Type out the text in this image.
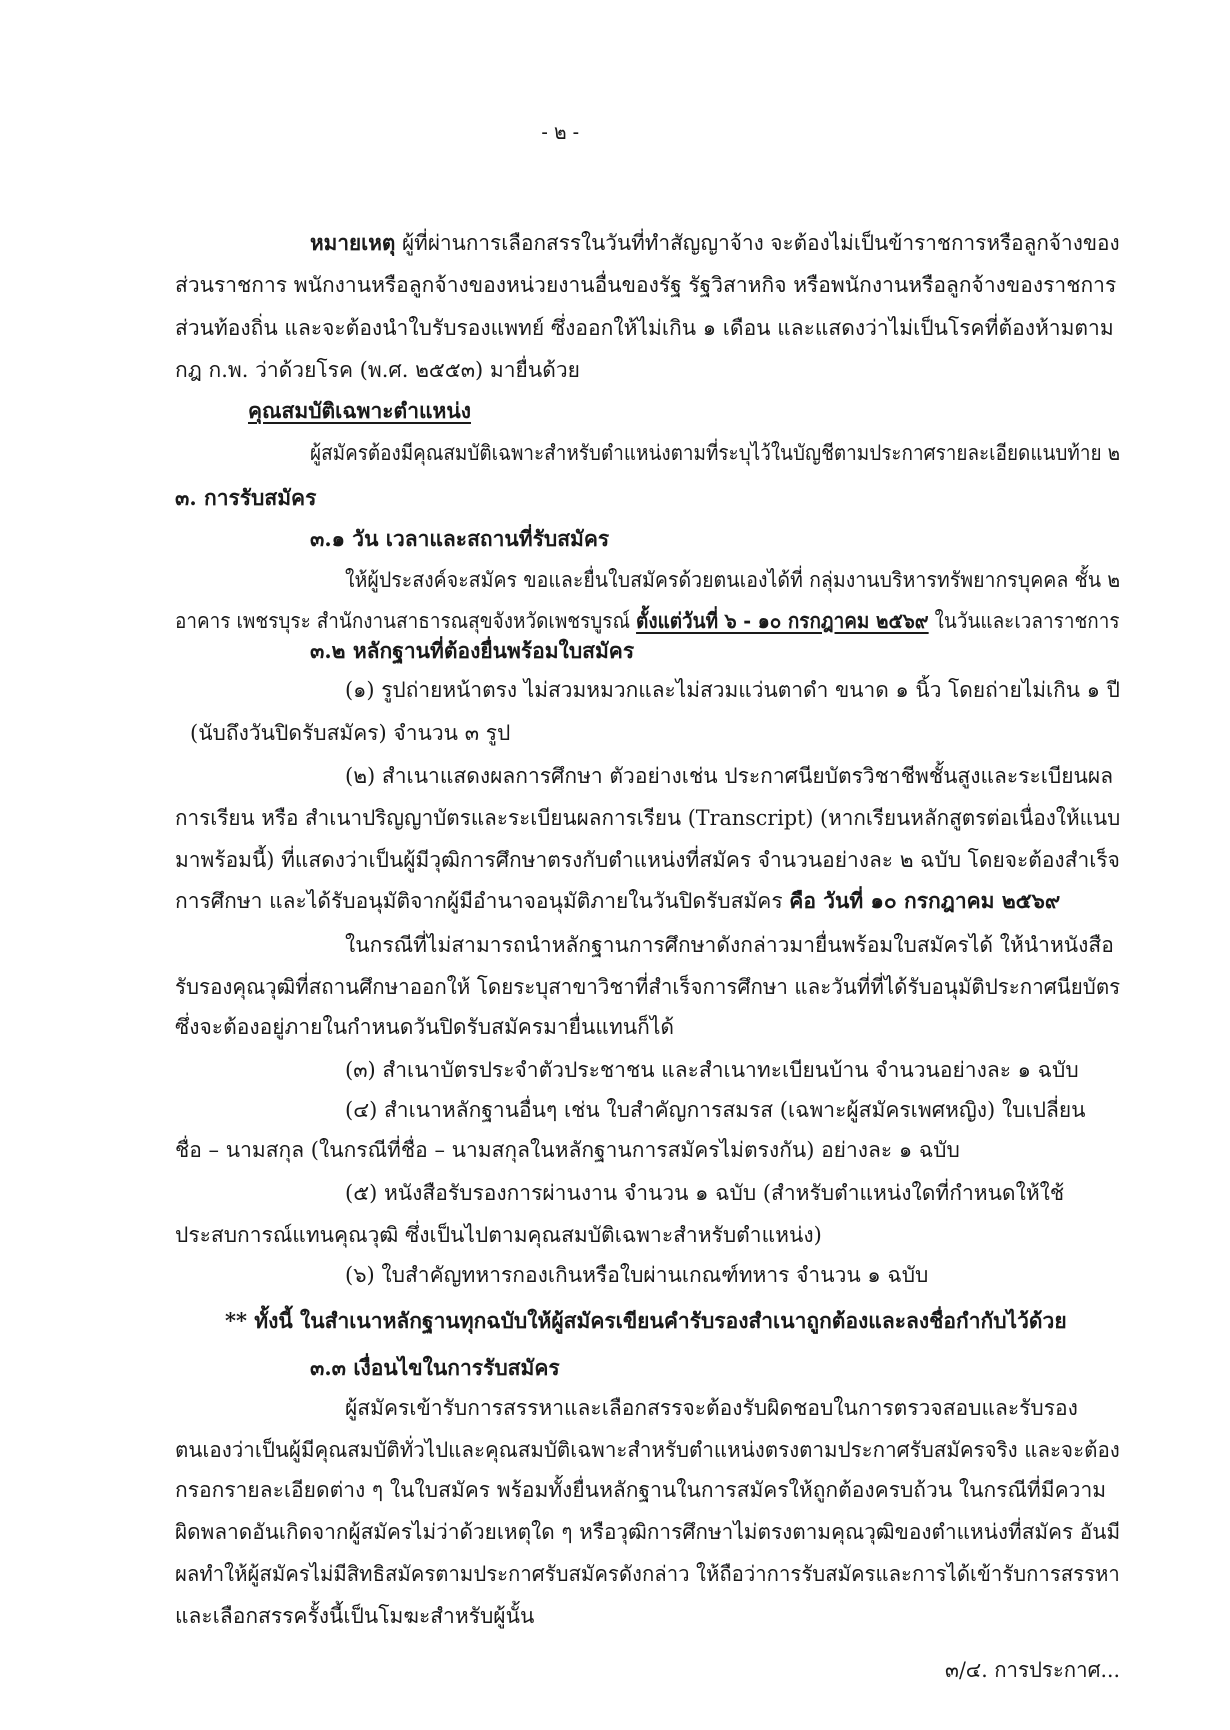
- ๒ -
หมายเหตุ ผู้ที่ผ่านการเลือกสรรในวันที่ทำสัญญาจ้าง จะต้องไม่เป็นข้าราชการหรือลูกจ้างของ
ส่วนราชการ พนักงานหรือลูกจ้างของหน่วยงานอื่นของรัฐ รัฐวิสาหกิจ หรือพนักงานหรือลูกจ้างของราชการ
ส่วนท้องถิ่น และจะต้องนำใบรับรองแพทย์ ซึ่งออกให้ไม่เกิน ๑ เดือน และแสดงว่าไม่เป็นโรคที่ต้องห้ามตาม
กฎ ก.พ. ว่าด้วยโรค (พ.ศ. ๒๕๕๓) มายื่นด้วย
คุณสมบัติเฉพาะตำแหน่ง
ผู้สมัครต้องมีคุณสมบัติเฉพาะสำหรับตำแหน่งตามที่ระบุไว้ในบัญชีตามประกาศรายละเอียดแนบท้าย ๒
๓. การรับสมัคร
๓.๑ วัน เวลาและสถานที่รับสมัคร
ให้ผู้ประสงค์จะสมัคร ขอและยื่นใบสมัครด้วยตนเองได้ที่ กลุ่มงานบริหารทรัพยากรบุคคล ชั้น ๒
อาคาร เพชรบุระ สำนักงานสาธารณสุขจังหวัดเพชรบูรณ์ ตั้งแต่วันที่ ๖ - ๑๐ กรกฎาคม ๒๕๖๙ ในวันและเวลาราชการ
๓.๒ หลักฐานที่ต้องยื่นพร้อมใบสมัคร
(๑) รูปถ่ายหน้าตรง ไม่สวมหมวกและไม่สวมแว่นตาดำ ขนาด ๑ นิ้ว โดยถ่ายไม่เกิน ๑ ปี
(นับถึงวันปิดรับสมัคร) จำนวน ๓ รูป
(๒) สำเนาแสดงผลการศึกษา ตัวอย่างเช่น ประกาศนียบัตรวิชาชีพชั้นสูงและระเบียนผล
การเรียน หรือ สำเนาปริญญาบัตรและระเบียนผลการเรียน (Transcript) (หากเรียนหลักสูตรต่อเนื่องให้แนบ
มาพร้อมนี้) ที่แสดงว่าเป็นผู้มีวุฒิการศึกษาตรงกับตำแหน่งที่สมัคร จำนวนอย่างละ ๒ ฉบับ โดยจะต้องสำเร็จ
การศึกษา และได้รับอนุมัติจากผู้มีอำนาจอนุมัติภายในวันปิดรับสมัคร คือ วันที่ ๑๐ กรกฎาคม ๒๕๖๙
ในกรณีที่ไม่สามารถนำหลักฐานการศึกษาดังกล่าวมายื่นพร้อมใบสมัครได้ ให้นำหนังสือ
รับรองคุณวุฒิที่สถานศึกษาออกให้ โดยระบุสาขาวิชาที่สำเร็จการศึกษา และวันที่ที่ได้รับอนุมัติประกาศนียบัตร
ซึ่งจะต้องอยู่ภายในกำหนดวันปิดรับสมัครมายื่นแทนก็ได้
(๓) สำเนาบัตรประจำตัวประชาชน และสำเนาทะเบียนบ้าน จำนวนอย่างละ ๑ ฉบับ
(๔) สำเนาหลักฐานอื่นๆ เช่น ใบสำคัญการสมรส (เฉพาะผู้สมัครเพศหญิง) ใบเปลี่ยน
ชื่อ – นามสกุล (ในกรณีที่ชื่อ – นามสกุลในหลักฐานการสมัครไม่ตรงกัน) อย่างละ ๑ ฉบับ
(๕) หนังสือรับรองการผ่านงาน จำนวน ๑ ฉบับ (สำหรับตำแหน่งใดที่กำหนดให้ใช้
ประสบการณ์แทนคุณวุฒิ ซึ่งเป็นไปตามคุณสมบัติเฉพาะสำหรับตำแหน่ง)
(๖) ใบสำคัญทหารกองเกินหรือใบผ่านเกณฑ์ทหาร จำนวน ๑ ฉบับ
** ทั้งนี้ ในสำเนาหลักฐานทุกฉบับให้ผู้สมัครเขียนคำรับรองสำเนาถูกต้องและลงชื่อกำกับไว้ด้วย
๓.๓ เงื่อนไขในการรับสมัคร
ผู้สมัครเข้ารับการสรรหาและเลือกสรรจะต้องรับผิดชอบในการตรวจสอบและรับรอง
ตนเองว่าเป็นผู้มีคุณสมบัติทั่วไปและคุณสมบัติเฉพาะสำหรับตำแหน่งตรงตามประกาศรับสมัครจริง และจะต้อง
กรอกรายละเอียดต่าง ๆ ในใบสมัคร พร้อมทั้งยื่นหลักฐานในการสมัครให้ถูกต้องครบถ้วน ในกรณีที่มีความ
ผิดพลาดอันเกิดจากผู้สมัครไม่ว่าด้วยเหตุใด ๆ หรือวุฒิการศึกษาไม่ตรงตามคุณวุฒิของตำแหน่งที่สมัคร อันมี
ผลทำให้ผู้สมัครไม่มีสิทธิสมัครตามประกาศรับสมัครดังกล่าว ให้ถือว่าการรับสมัครและการได้เข้ารับการสรรหา
และเลือกสรรครั้งนี้เป็นโมฆะสำหรับผู้นั้น
๓/๔. การประกาศ...
